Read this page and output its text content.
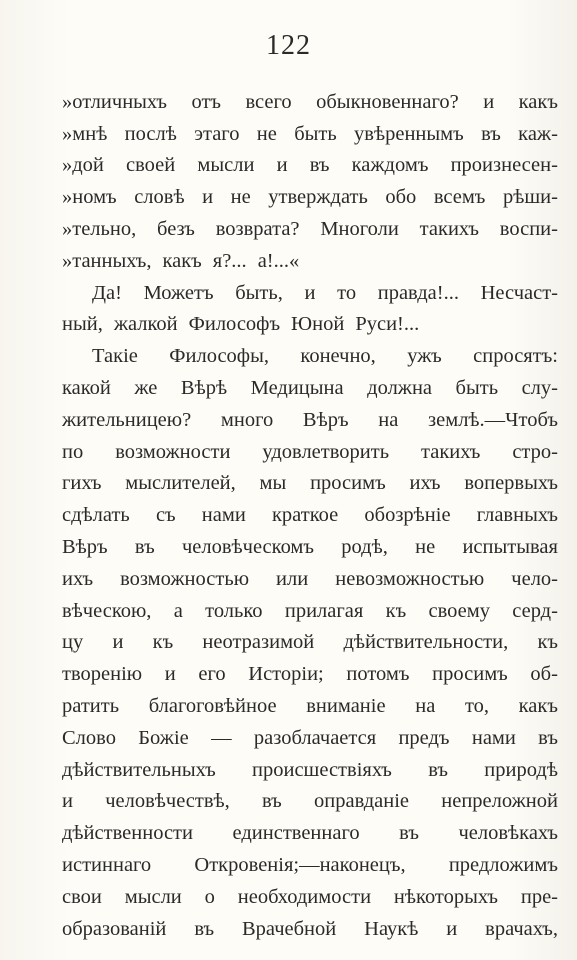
122
»отличныхъ отъ всего обыкновеннаго? и какъ
»мнѣ послѣ этаго не быть увѣреннымъ въ каж-
»дой своей мысли и въ каждомъ произнесен-
»номъ словѣ и не утверждать обо всемъ рѣши-
»тельно, безъ возврата? Многоли такихъ воспи-
»танныхъ, какъ я?... а!...«
Да! Можетъ быть, и то правда!... Несчаст-
ный, жалкой Философъ Юной Руси!...
Такіе Философы, конечно, ужъ спросятъ:
какой же Вѣрѣ Медицына должна быть слу-
жительницею? много Вѣръ на землѣ.—Чтобъ
по возможности удовлетворить такихъ стро-
гихъ мыслителей, мы просимъ ихъ вопервыхъ
сдѣлать съ нами краткое обозрѣніе главныхъ
Вѣръ въ человѣческомъ родѣ, не испытывая
ихъ возможностью или невозможностью чело-
вѣческою, а только прилагая къ своему серд-
цу и къ неотразимой дѣйствительности, къ
творенію и его Исторіи; потомъ просимъ об-
ратить благоговѣйное вниманіе на то, какъ
Слово Божіе — разоблачается предъ нами въ
дѣйствительныхъ происшествіяхъ въ природѣ
и человѣчествѣ, въ оправданіе непреложной
дѣйственности единственнаго въ человѣкахъ
истиннаго Откровенія;—наконецъ, предложимъ
свои мысли о необходимости нѣкоторыхъ пре-
образованій въ Врачебной Наукѣ и врачахъ,
